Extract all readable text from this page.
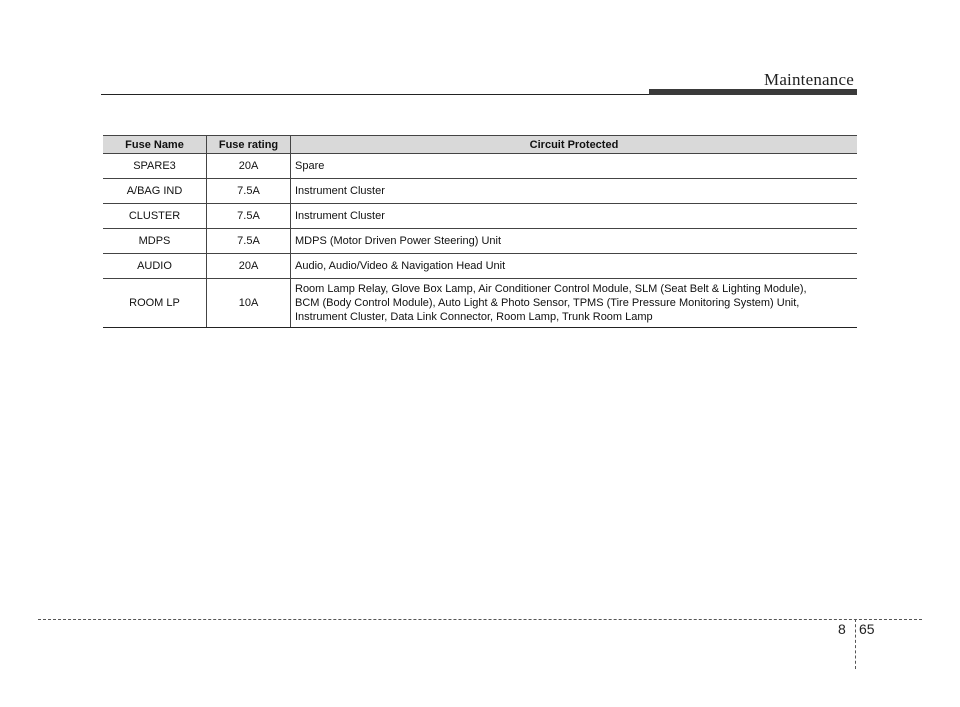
Maintenance
Fuse Name	Fuse rating	Circuit Protected
SPARE3	20A	Spare
A/BAG IND	7.5A	Instrument Cluster
CLUSTER	7.5A	Instrument Cluster
MDPS	7.5A	MDPS (Motor Driven Power Steering) Unit
AUDIO	20A	Audio, Audio/Video & Navigation Head Unit
ROOM LP	10A	Room Lamp Relay, Glove Box Lamp, Air Conditioner Control Module, SLM (Seat Belt & Lighting Module),
BCM (Body Control Module), Auto Light & Photo Sensor, TPMS (Tire Pressure Monitoring System) Unit,
Instrument Cluster, Data Link Connector, Room Lamp, Trunk Room Lamp
8 65
